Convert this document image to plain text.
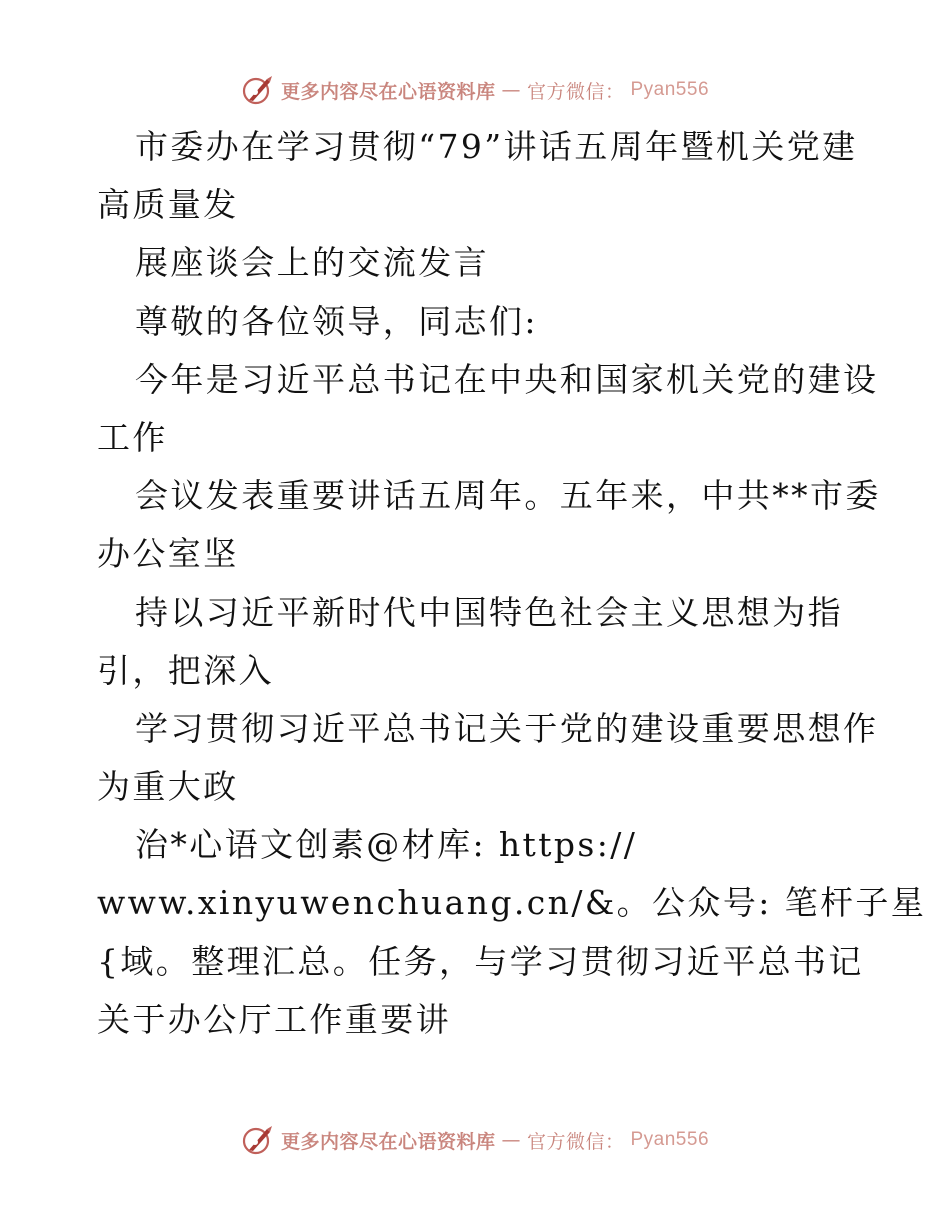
更多内容尽在心语资料库 — 官方微信： Pyan556
市委办在学习贯彻“79”讲话五周年暨机关党建
高质量发
展座谈会上的交流发言
尊敬的各位领导，同志们:
今年是习近平总书记在中央和国家机关党的建设
工作
会议发表重要讲话五周年。五年来，中共**市委
办公室坚
持以习近平新时代中国特色社会主义思想为指
引，把深入
学习贯彻习近平总书记关于党的建设重要思想作
为重大政
治*心语文创素@材库: https://
www.xinyuwenchuang.cn/&。公众号: 笔杆子星
{域。整理汇总。任务，与学习贯彻习近平总书记
关于办公厅工作重要讲
更多内容尽在心语资料库 — 官方微信： Pyan556
